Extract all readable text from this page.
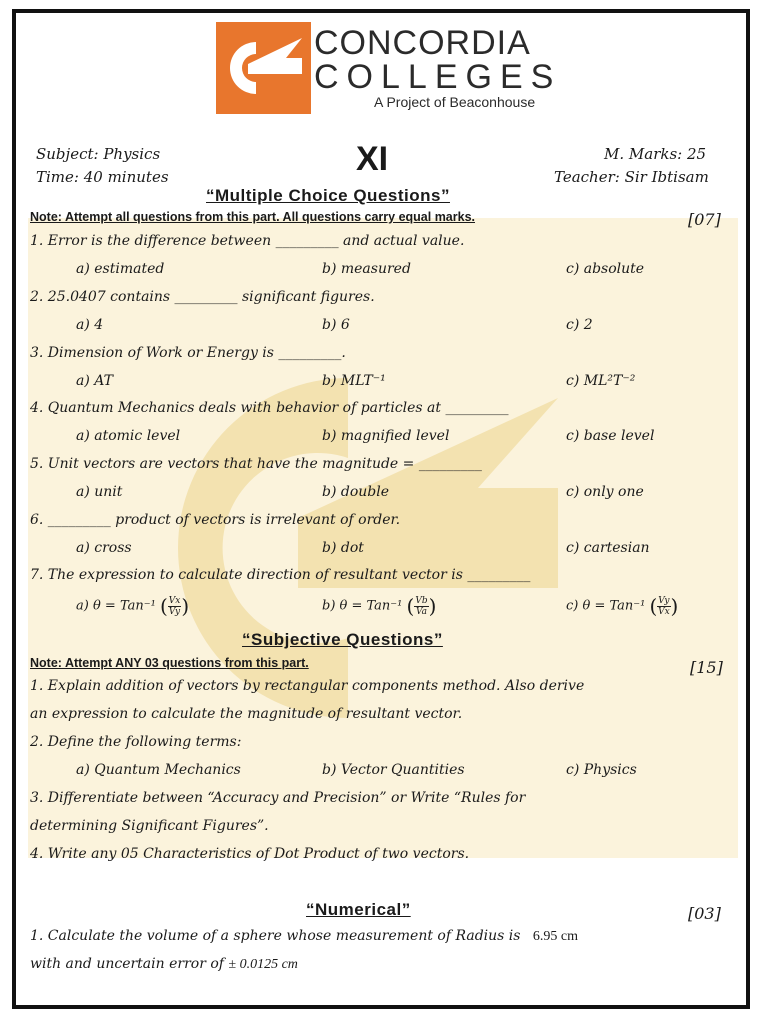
CONCORDIA
COLLEGES
A Project of Beaconhouse
Subject: Physics
Time: 40 minutes	XI	M. Marks: 25
Teacher: Sir Ibtisam
“Multiple Choice Questions”
Note: Attempt all questions from this part. All questions carry equal marks.	[07]
1. Error is the difference between _________ and actual value.
a) estimated	b) measured	c) absolute
2. 25.0407 contains _________ significant figures.
a) 4	b) 6	c) 2
3. Dimension of Work or Energy is _________.
a) AT	b) MLT⁻¹	c) ML²T⁻²
4. Quantum Mechanics deals with behavior of particles at _________
a) atomic level	b) magnified level	c) base level
5. Unit vectors are vectors that have the magnitude = _________
a) unit	b) double	c) only one
6. _________ product of vectors is irrelevant of order.
a) cross	b) dot	c) cartesian
7. The expression to calculate direction of resultant vector is _________
a) θ = Tan⁻¹ ( $\frac{Vx}{Vy}$ )	b) θ = Tan⁻¹ ( $\frac{Vb}{Va}$ )	c) θ = Tan⁻¹ ( $\frac{Vy}{Vx}$ )
“Subjective Questions”
Note: Attempt ANY 03 questions from this part.	[15]
1. Explain addition of vectors by rectangular components method. Also derive
an expression to calculate the magnitude of resultant vector.
2. Define the following terms:
a) Quantum Mechanics	b) Vector Quantities	c) Physics
3. Differentiate between “Accuracy and Precision” or Write “Rules for
determining Significant Figures”.
4. Write any 05 Characteristics of Dot Product of two vectors.
“Numerical”	[03]
1. Calculate the volume of a sphere whose measurement of Radius is 6.95 cm
with and uncertain error of ± 0.0125 cm
